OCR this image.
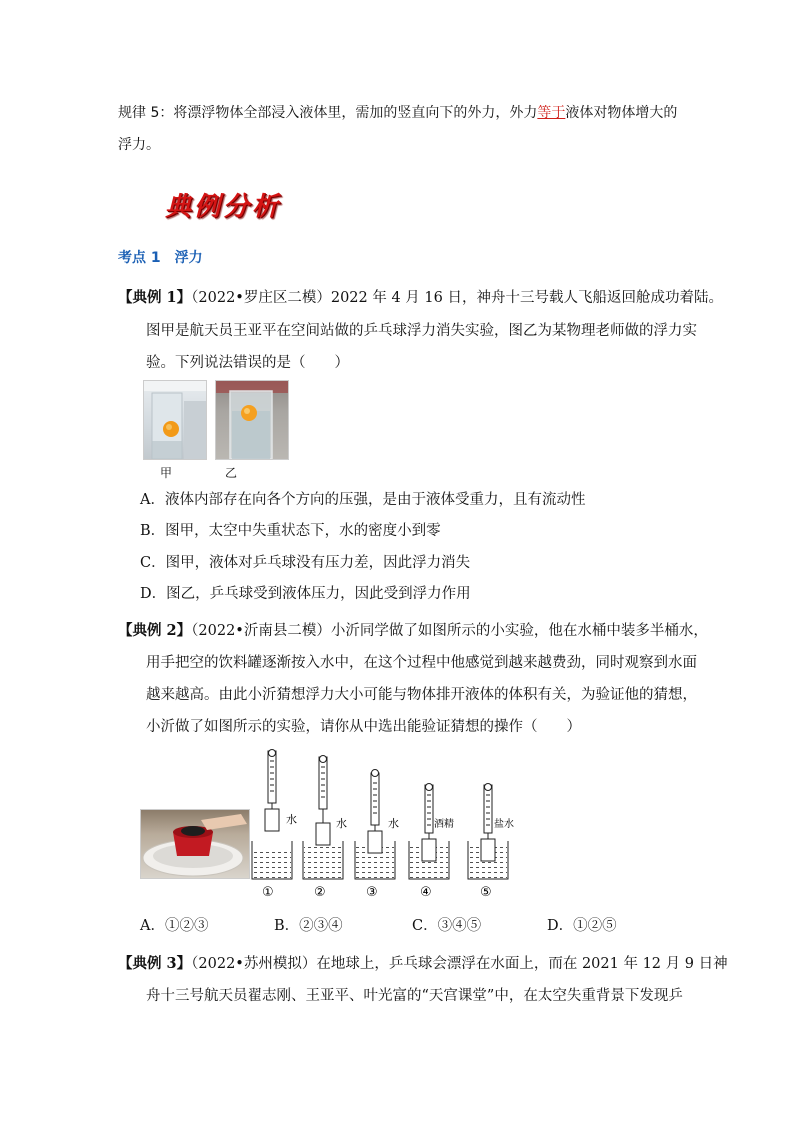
规律 5：将漂浮物体全部浸入液体里，需加的竖直向下的外力，外力等于液体对物体增大的
浮力。
典例分析
考点 1 浮力
【典例 1】（2022•罗庄区二模）2022 年 4 月 16 日，神舟十三号载人飞船返回舱成功着陆。
图甲是航天员王亚平在空间站做的乒乓球浮力消失实验，图乙为某物理老师做的浮力实
验。下列说法错误的是（　　）
甲	乙
A．液体内部存在向各个方向的压强，是由于液体受重力，且有流动性
B．图甲，太空中失重状态下，水的密度小到零
C．图甲，液体对乒乓球没有压力差，因此浮力消失
D．图乙，乒乓球受到液体压力，因此受到浮力作用
【典例 2】（2022•沂南县二模）小沂同学做了如图所示的小实验，他在水桶中装多半桶水，
用手把空的饮料罐逐渐按入水中，在这个过程中他感觉到越来越费劲，同时观察到水面
越来越高。由此小沂猜想浮力大小可能与物体排开液体的体积有关，为验证他的猜想，
小沂做了如图所示的实验，请你从中选出能验证猜想的操作（　　）
水
①
水
②
水
③
酒精
④
盐水
⑤
A．①②③	B．②③④	C．③④⑤	D．①②⑤
【典例 3】（2022•苏州模拟）在地球上，乒乓球会漂浮在水面上，而在 2021 年 12 月 9 日神
舟十三号航天员翟志刚、王亚平、叶光富的“天宫课堂”中，在太空失重背景下发现乒
